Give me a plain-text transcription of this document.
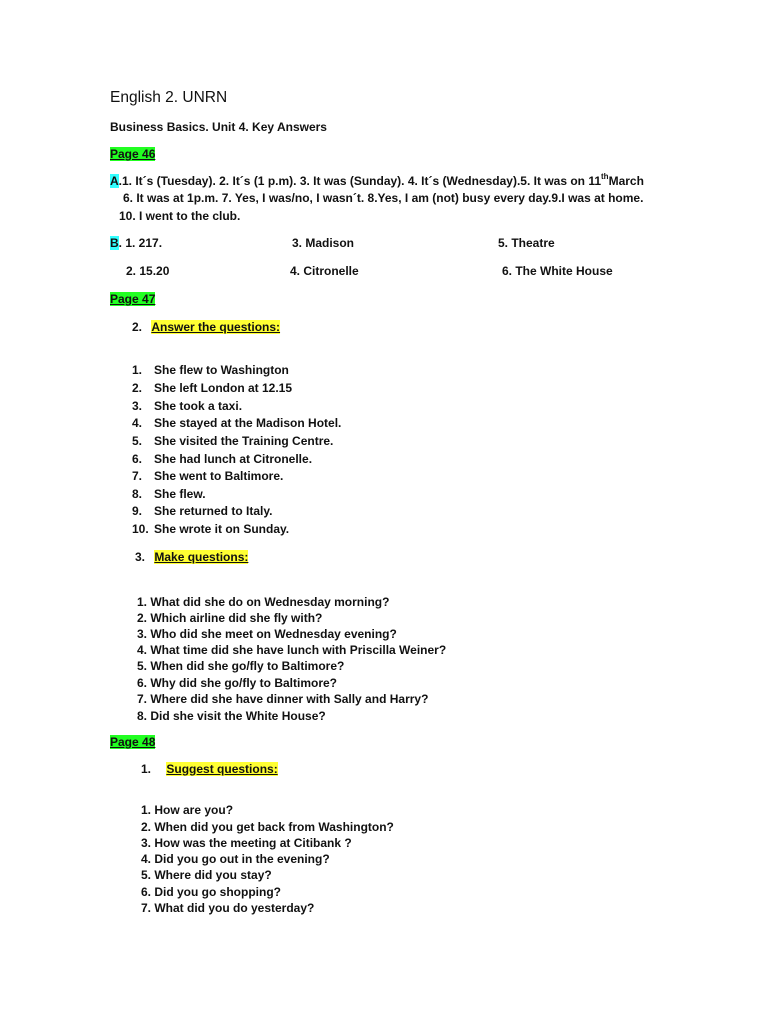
English 2. UNRN
Business Basics. Unit 4. Key Answers
Page 46
A.1. It´s (Tuesday). 2. It´s (1 p.m). 3. It was (Sunday). 4. It´s (Wednesday).5. It was on 11thMarch
6. It was at 1p.m. 7. Yes, I was/no, I wasn´t. 8.Yes, I am (not) busy every day.9.I was at home.
10. I went to the club.
B. 1. 217.	3. Madison	5. Theatre
2. 15.20	4. Citronelle	6. The White House
Page 47
2. Answer the questions:
1. She flew to Washington
2. She left London at 12.15
3. She took a taxi.
4. She stayed at the Madison Hotel.
5. She visited the Training Centre.
6. She had lunch at Citronelle.
7. She went to Baltimore.
8. She flew.
9. She returned to Italy.
10. She wrote it on Sunday.
3. Make questions:
1. What did she do on Wednesday morning?
2. Which airline did she fly with?
3. Who did she meet on Wednesday evening?
4. What time did she have lunch with Priscilla Weiner?
5. When did she go/fly to Baltimore?
6. Why did she go/fly to Baltimore?
7. Where did she have dinner with Sally and Harry?
8. Did she visit the White House?
Page 48
1. Suggest questions:
1. How are you?
2. When did you get back from Washington?
3. How was the meeting at Citibank ?
4. Did you go out in the evening?
5. Where did you stay?
6. Did you go shopping?
7. What did you do yesterday?
